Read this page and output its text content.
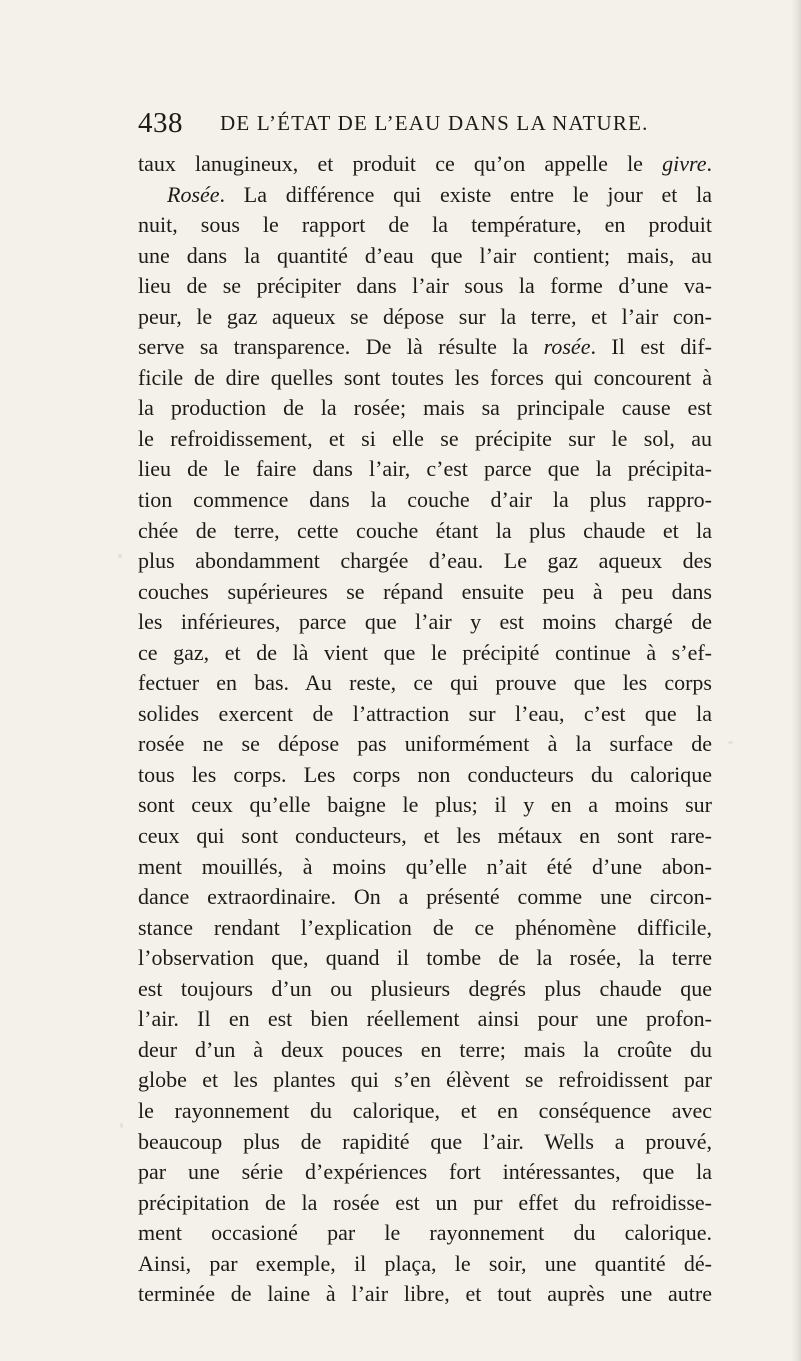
438 DE L’ÉTAT DE L’EAU DANS LA NATURE.
taux lanugineux, et produit ce qu’on appelle le givre.
Rosée. La différence qui existe entre le jour et la
nuit, sous le rapport de la température, en produit
une dans la quantité d’eau que l’air contient; mais, au
lieu de se précipiter dans l’air sous la forme d’une va-
peur, le gaz aqueux se dépose sur la terre, et l’air con-
serve sa transparence. De là résulte la rosée. Il est dif-
ficile de dire quelles sont toutes les forces qui concourent à
la production de la rosée; mais sa principale cause est
le refroidissement, et si elle se précipite sur le sol, au
lieu de le faire dans l’air, c’est parce que la précipita-
tion commence dans la couche d’air la plus rappro-
chée de terre, cette couche étant la plus chaude et la
plus abondamment chargée d’eau. Le gaz aqueux des
couches supérieures se répand ensuite peu à peu dans
les inférieures, parce que l’air y est moins chargé de
ce gaz, et de là vient que le précipité continue à s’ef-
fectuer en bas. Au reste, ce qui prouve que les corps
solides exercent de l’attraction sur l’eau, c’est que la
rosée ne se dépose pas uniformément à la surface de
tous les corps. Les corps non conducteurs du calorique
sont ceux qu’elle baigne le plus; il y en a moins sur
ceux qui sont conducteurs, et les métaux en sont rare-
ment mouillés, à moins qu’elle n’ait été d’une abon-
dance extraordinaire. On a présenté comme une circon-
stance rendant l’explication de ce phénomène difficile,
l’observation que, quand il tombe de la rosée, la terre
est toujours d’un ou plusieurs degrés plus chaude que
l’air. Il en est bien réellement ainsi pour une profon-
deur d’un à deux pouces en terre; mais la croûte du
globe et les plantes qui s’en élèvent se refroidissent par
le rayonnement du calorique, et en conséquence avec
beaucoup plus de rapidité que l’air. Wells a prouvé,
par une série d’expériences fort intéressantes, que la
précipitation de la rosée est un pur effet du refroidisse-
ment occasioné par le rayonnement du calorique.
Ainsi, par exemple, il plaça, le soir, une quantité dé-
terminée de laine à l’air libre, et tout auprès une autre
